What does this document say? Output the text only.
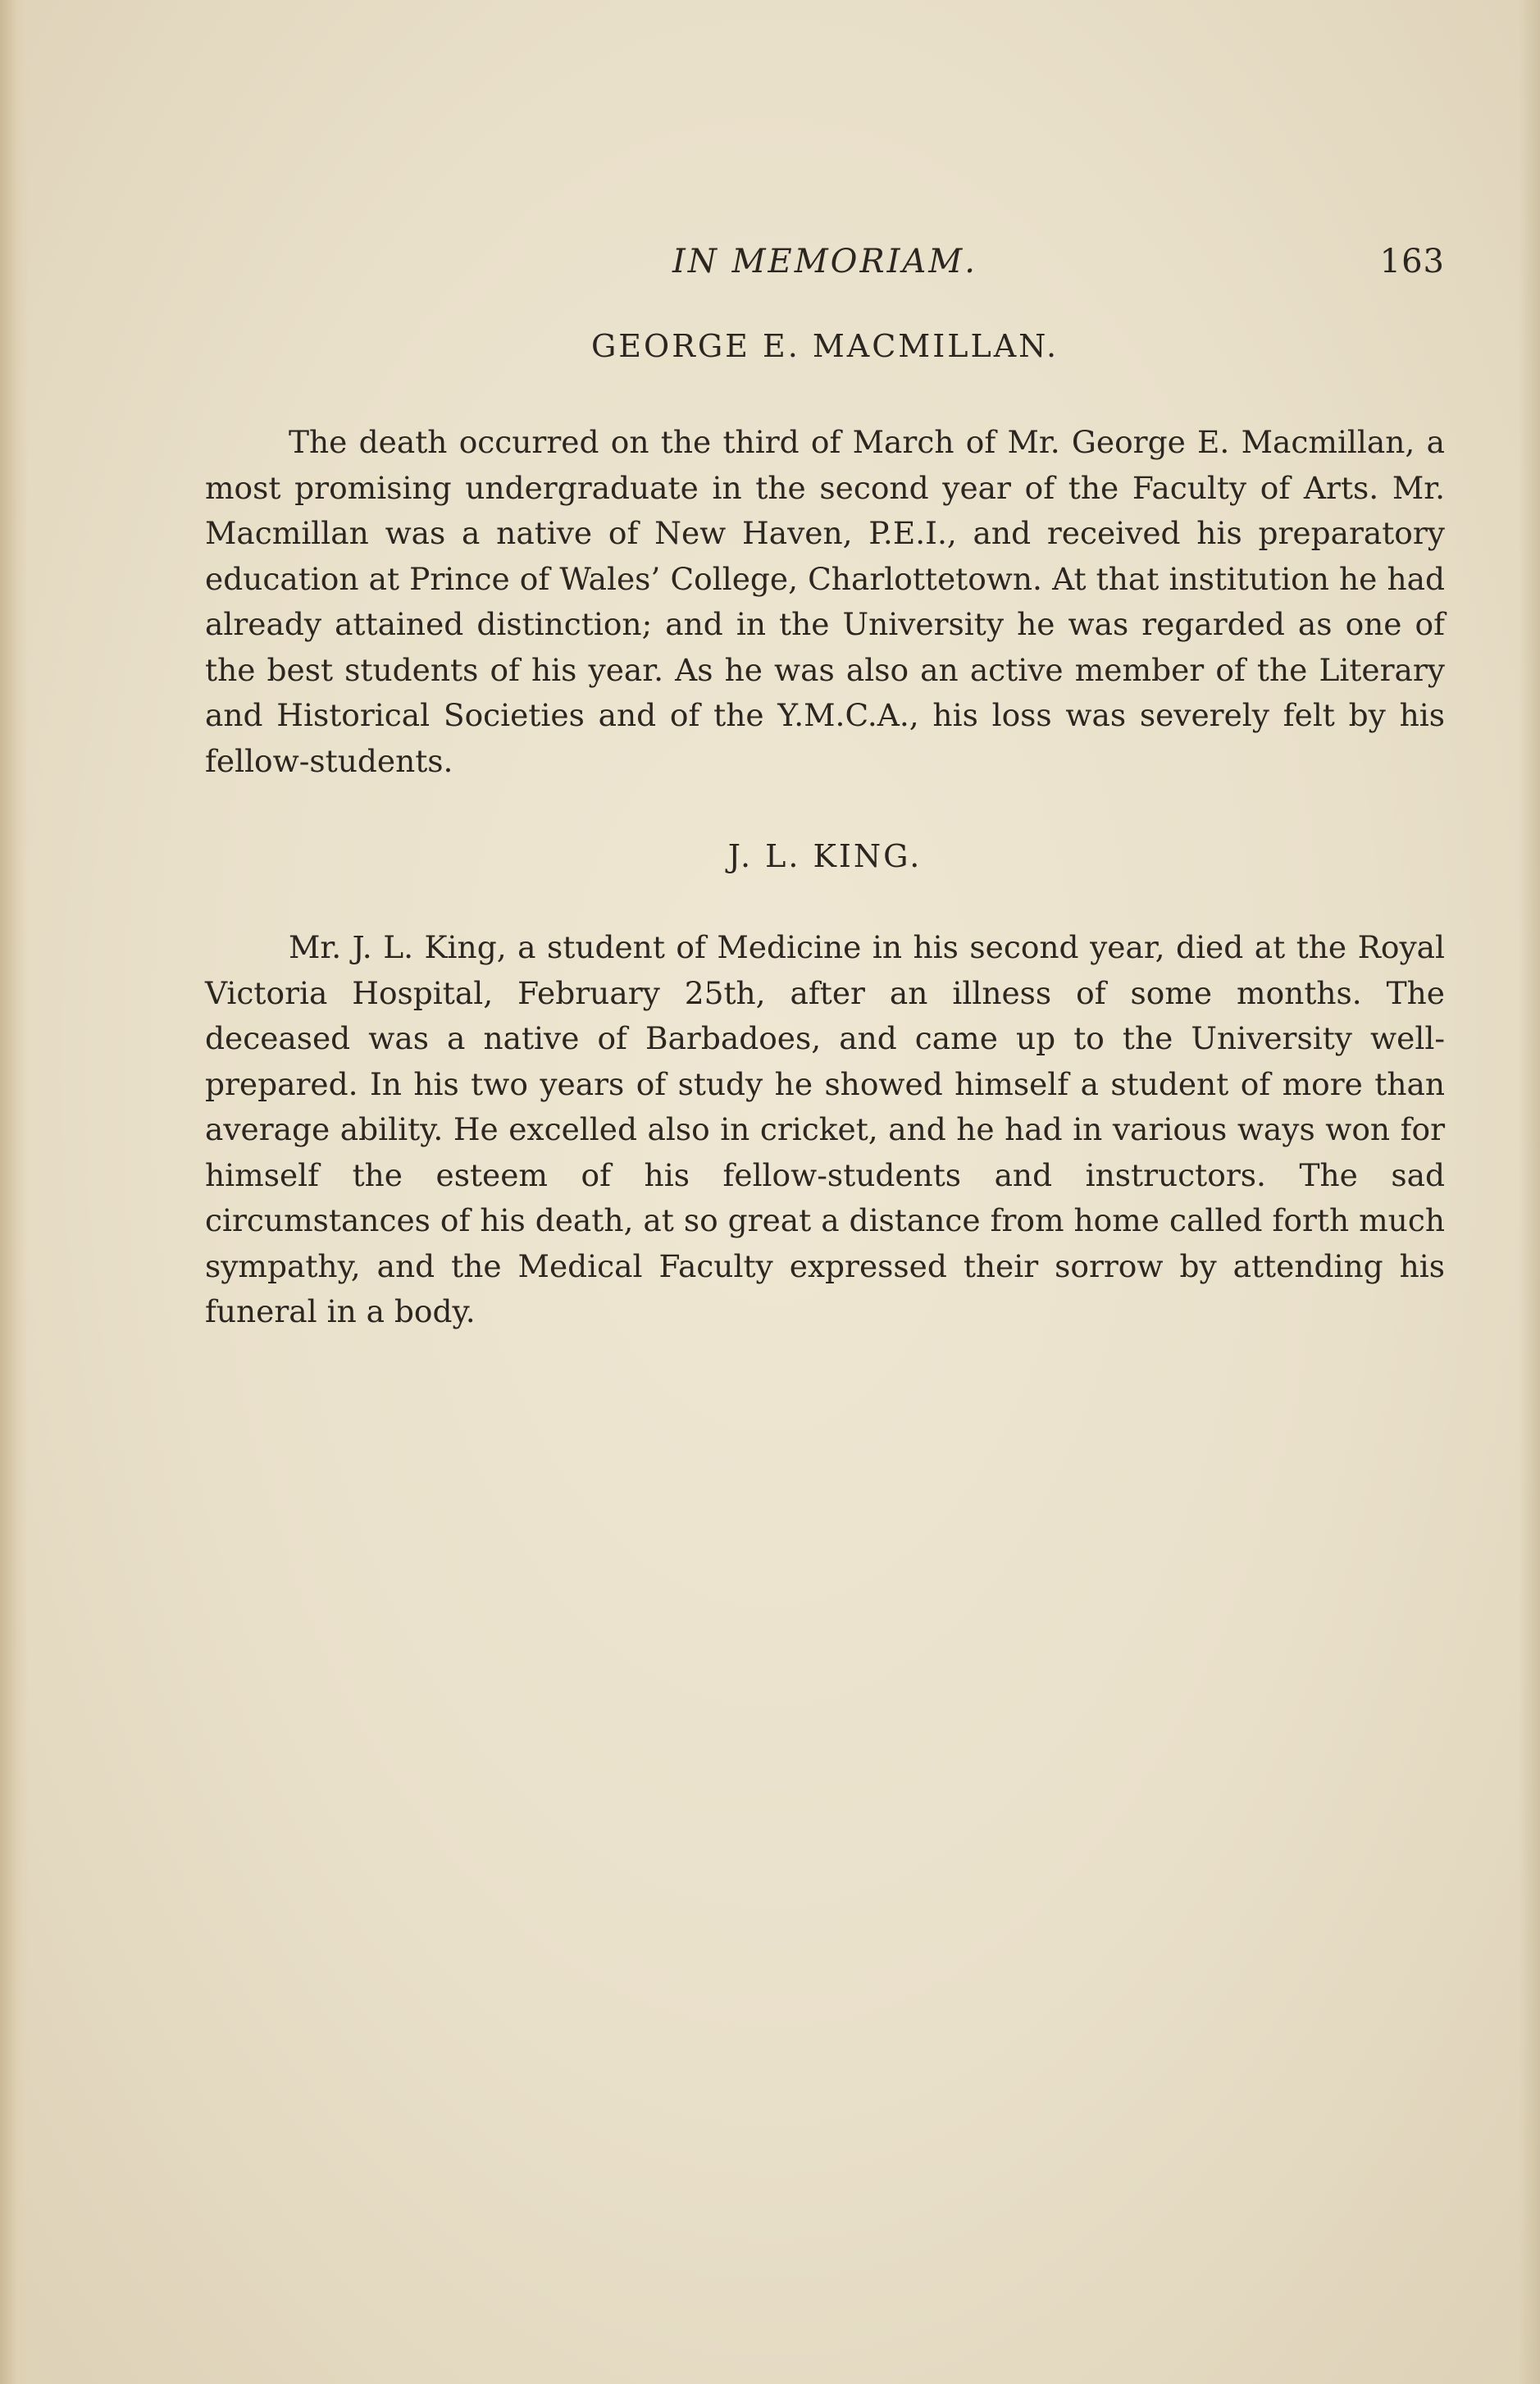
IN MEMORIAM.	163
GEORGE E. MACMILLAN.

The death occurred on the third of March of Mr. George E. Macmillan, a most promising undergraduate in the second year of the Faculty of Arts. Mr. Macmillan was a native of New Haven, P.E.I., and received his preparatory education at Prince of Wales’ College, Charlottetown. At that institution he had already attained distinction; and in the University he was regarded as one of the best students of his year. As he was also an active member of the Literary and Historical Societies and of the Y.M.C.A., his loss was severely felt by his fellow-students.

J. L. KING.

Mr. J. L. King, a student of Medicine in his second year, died at the Royal Victoria Hospital, February 25th, after an illness of some months. The deceased was a native of Barbadoes, and came up to the University well-prepared. In his two years of study he showed himself a student of more than average ability. He excelled also in cricket, and he had in various ways won for himself the esteem of his fellow-students and instructors. The sad circumstances of his death, at so great a distance from home called forth much sympathy, and the Medical Faculty expressed their sorrow by attending his funeral in a body.
